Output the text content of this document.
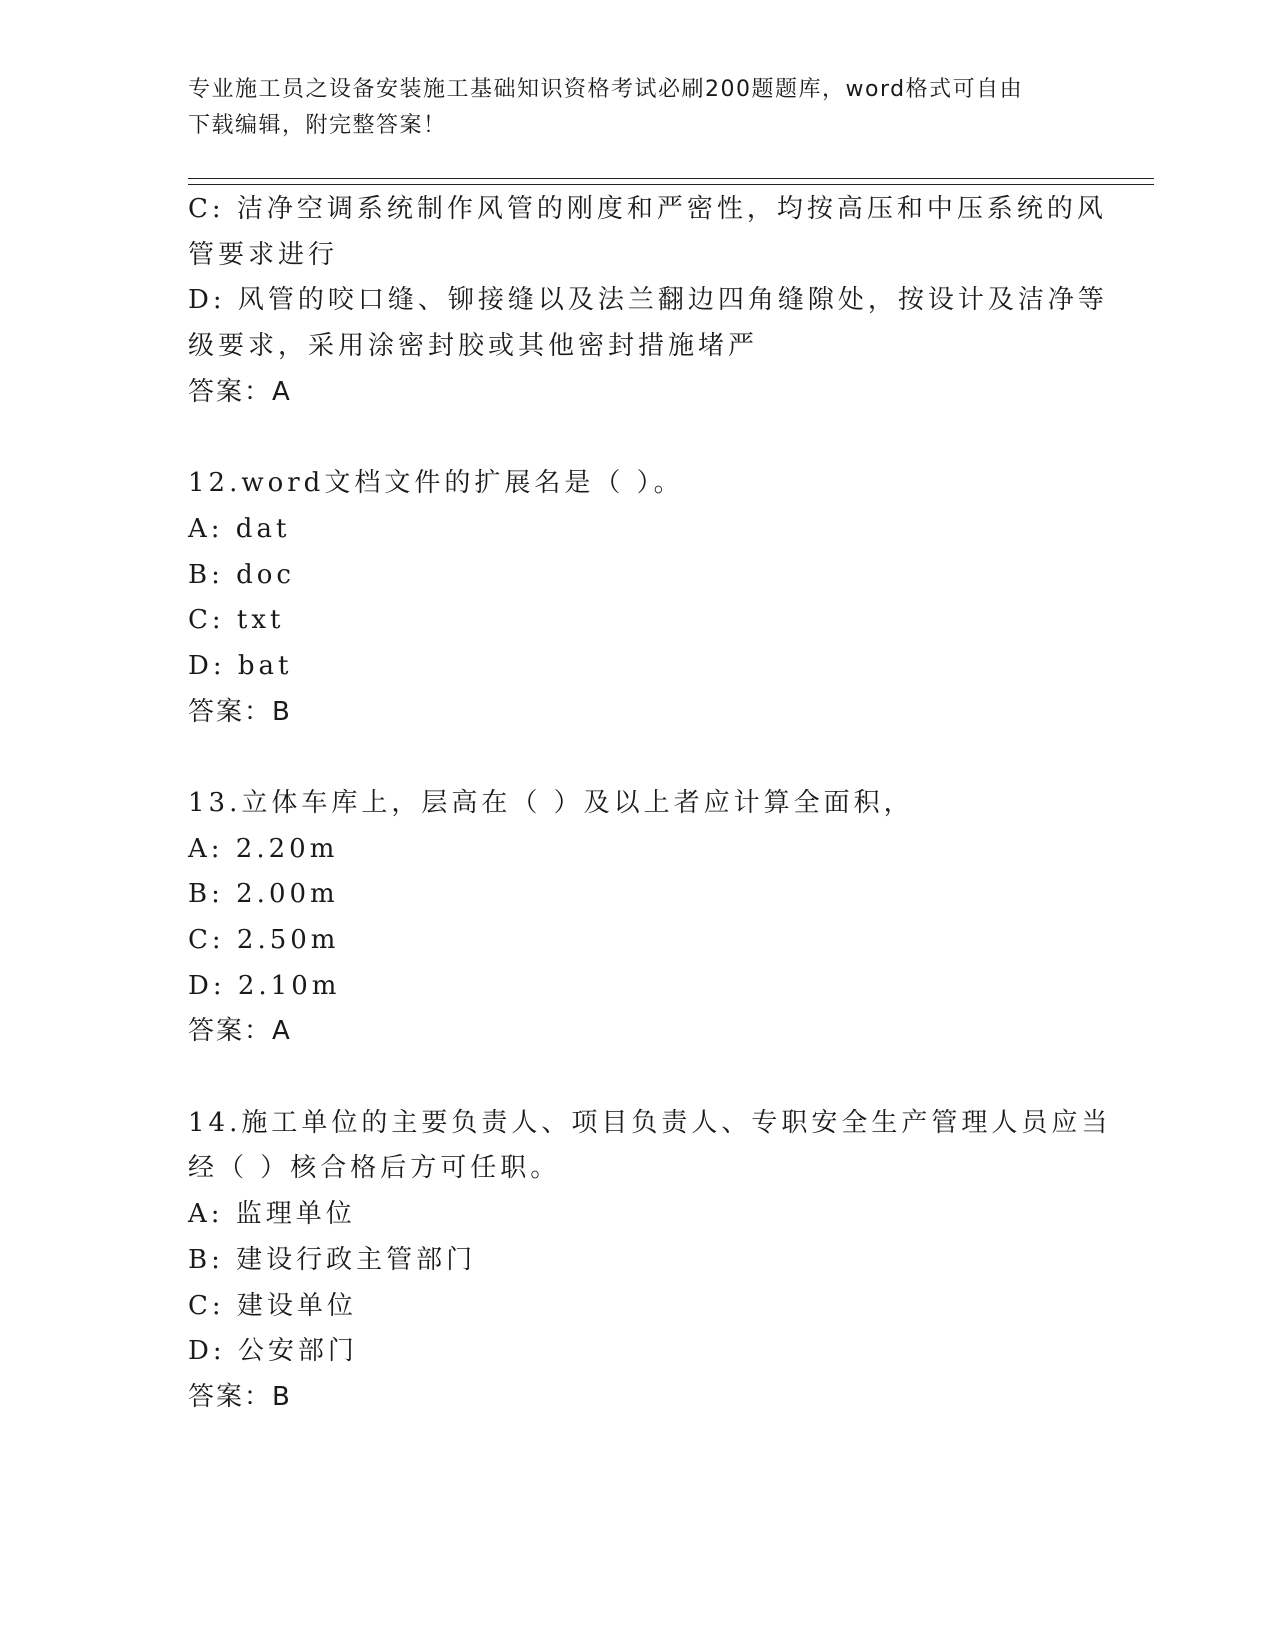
专业施工员之设备安装施工基础知识资格考试必刷200题题库，word格式可自由
下载编辑，附完整答案！
C: 洁净空调系统制作风管的刚度和严密性，均按高压和中压系统的风
管要求进行
D: 风管的咬口缝、铆接缝以及法兰翻边四角缝隙处，按设计及洁净等
级要求，采用涂密封胶或其他密封措施堵严
答案：A
12.word文档文件的扩展名是（ ）。
A: dat
B: doc
C: txt
D: bat
答案：B
13.立体车库上，层高在（ ）及以上者应计算全面积，
A: 2.20m
B: 2.00m
C: 2.50m
D: 2.10m
答案：A
14.施工单位的主要负责人、项目负责人、专职安全生产管理人员应当
经（ ）核合格后方可任职。
A: 监理单位
B: 建设行政主管部门
C: 建设单位
D: 公安部门
答案：B
